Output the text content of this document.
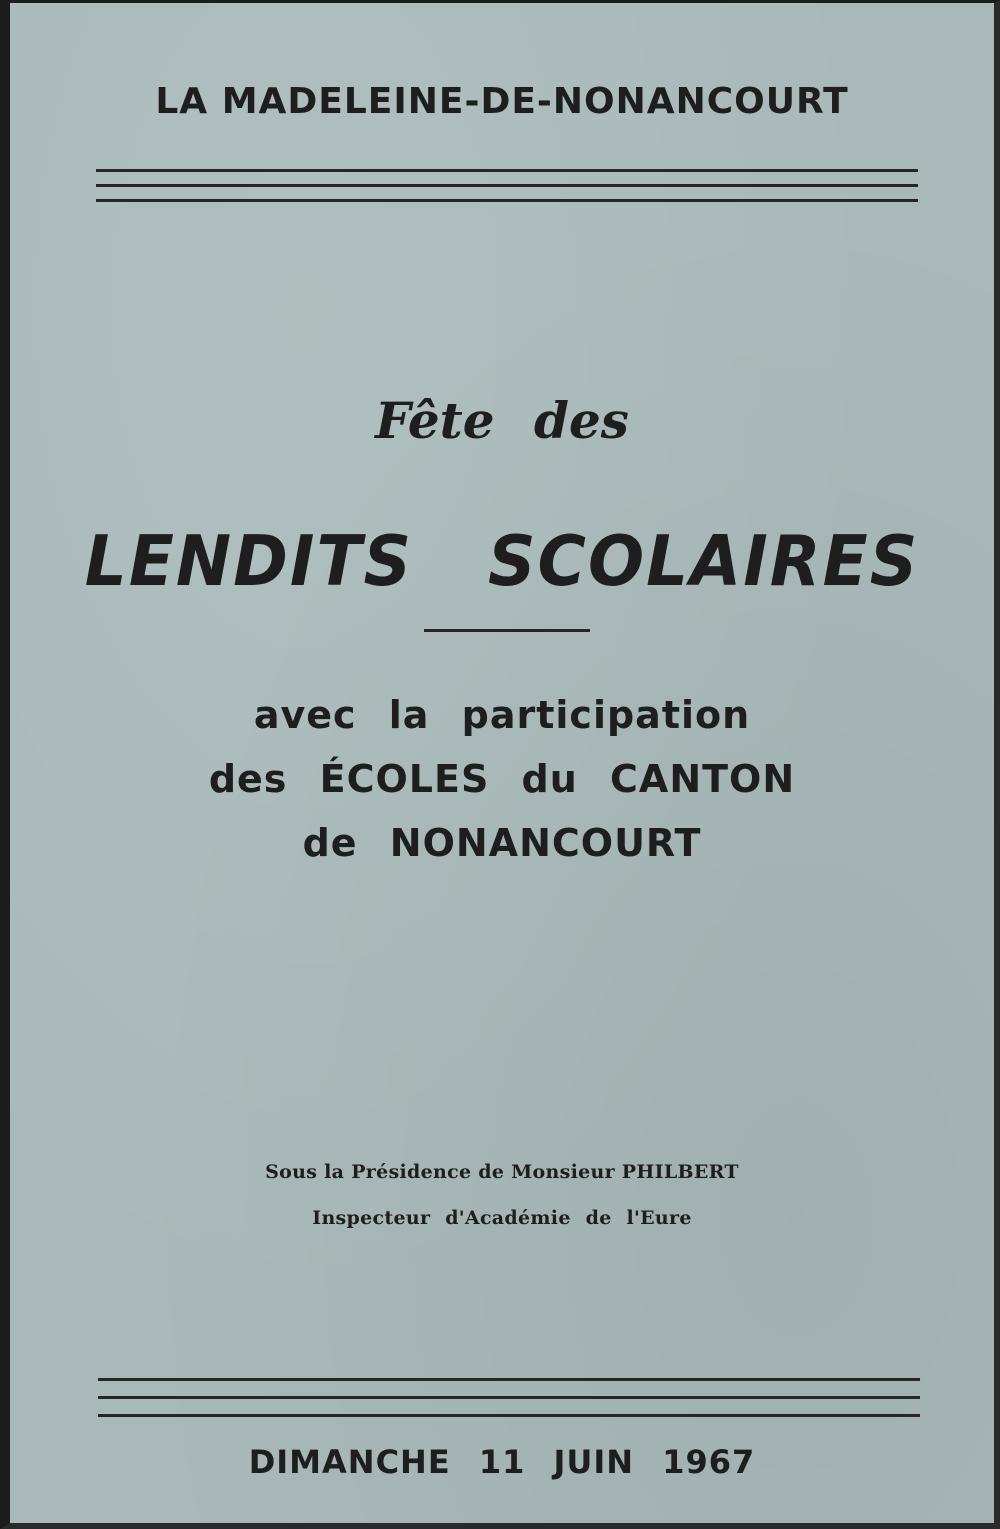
LA MADELEINE-DE-NONANCOURT
Fête des
LENDITS SCOLAIRES
avec la participation
des ÉCOLES du CANTON
de NONANCOURT
Sous la Présidence de Monsieur PHILBERT
Inspecteur d'Académie de l'Eure
DIMANCHE 11 JUIN 1967
